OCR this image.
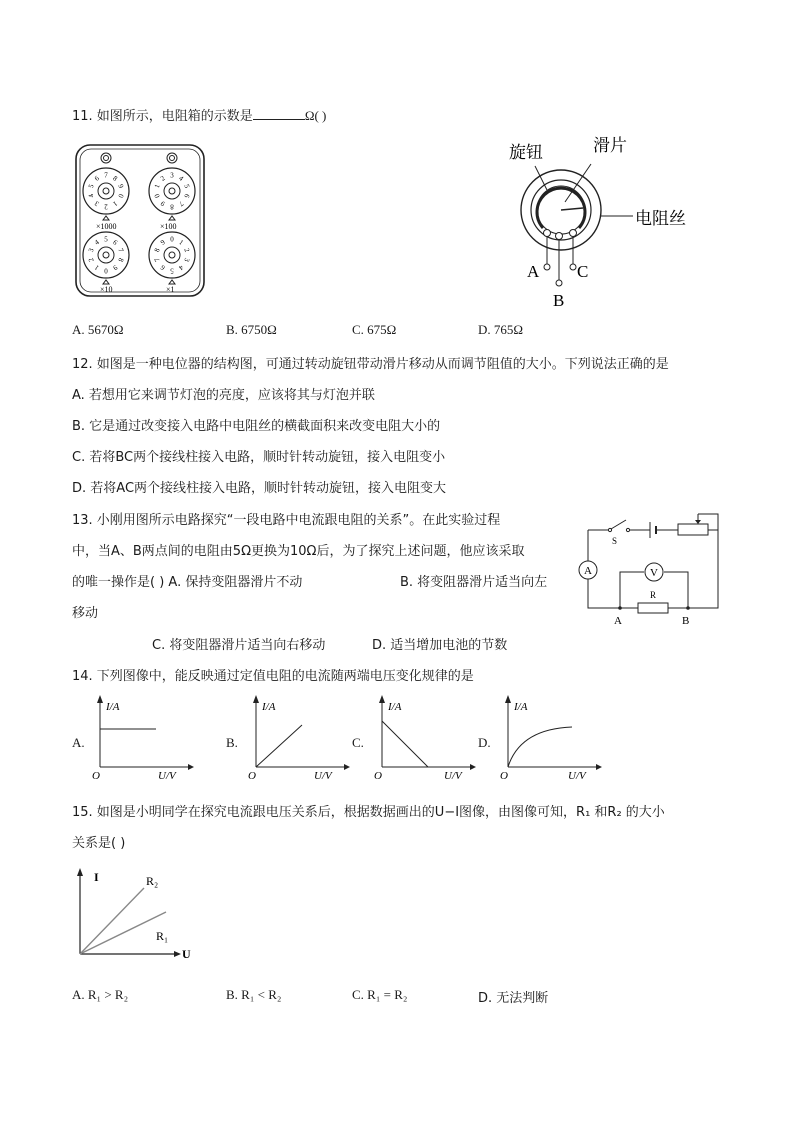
11. 如图所示，电阻箱的示数是	Ω( )
0
1
2
3
4
5
6 7 8
9
0
1
2 3 4
5
6
7
8
9
0
1
2
3
4 5 6
7
8
9
0 1
2
3
4
5
6
7
8
9
×1000	×100
×10	×1
旋钮	滑片
电阻丝
A
B
C
A. 5670Ω	B. 6750Ω	C. 675Ω	D. 765Ω
12. 如图是一种电位器的结构图，可通过转动旋钮带动滑片移动从而调节阻值的大小。下列说法正确的是
A. 若想用它来调节灯泡的亮度，应该将其与灯泡并联
B. 它是通过改变接入电路中电阻丝的横截面积来改变电阻大小的
C. 若将BC两个接线柱接入电路，顺时针转动旋钮，接入电阻变小
D. 若将AC两个接线柱接入电路，顺时针转动旋钮，接入电阻变大
13. 小刚用图所示电路探究“一段电路中电流跟电阻的关系”。在此实验过程
中，当A、B两点间的电阻由5Ω更换为10Ω后，为了探究上述问题，他应该采取
的唯一操作是( ) A. 保持变阻器滑片不动	B. 将变阻器滑片适当向左
移动
C. 将变阻器滑片适当向右移动	D. 适当增加电池的节数
S
A	V
R
A	B
14. 下列图像中，能反映通过定值电阻的电流随两端电压变化规律的是
A.	B.	C.	D.
I/A
O	U/V
I/A
O	U/V
I/A
O	U/V
I/A
O	U/V
15. 如图是小明同学在探究电流跟电压关系后，根据数据画出的U−I图像，由图像可知，R₁ 和R₂ 的大小
关系是( )
I
U
R₂
R₁
A. R₁ > R₂	B. R₁ < R₂	C. R₁ = R₂	D. 无法判断
